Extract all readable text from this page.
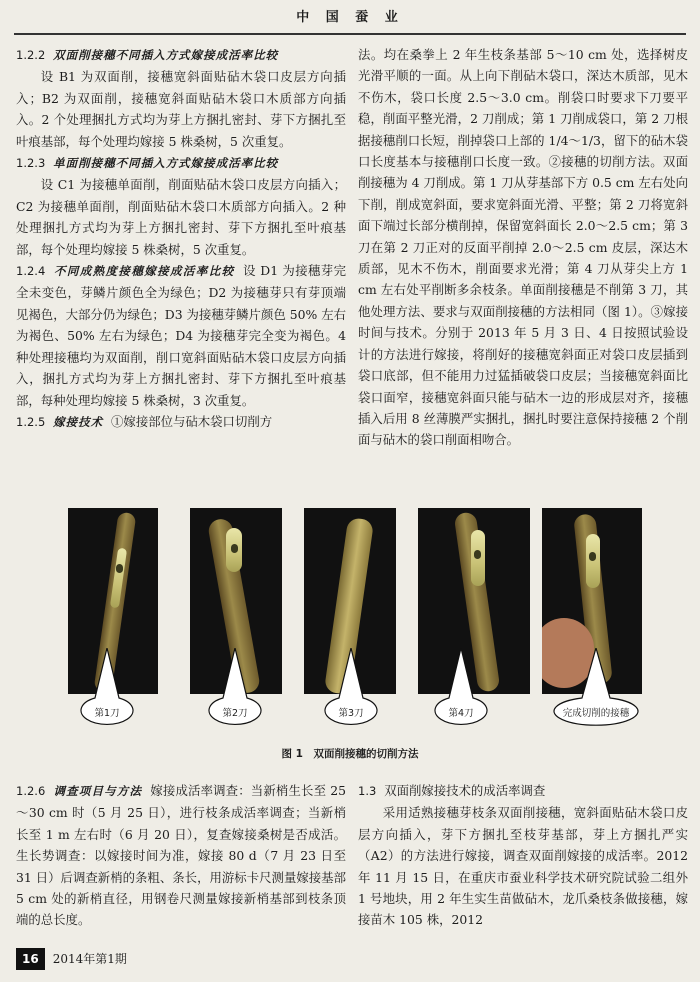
中 国 蚕 业

1.2.2 双面削接穗不同插入方式嫁接成活率比较

设 B1 为双面削，接穗宽斜面贴砧木袋口皮层方向插入；B2 为双面削，接穗宽斜面贴砧木袋口木质部方向插入。2 个处理捆扎方式均为芽上方捆扎密封、芽下方捆扎至叶痕基部，每个处理均嫁接 5 株桑树，5 次重复。

1.2.3 单面削接穗不同插入方式嫁接成活率比较

设 C1 为接穗单面削，削面贴砧木袋口皮层方向插入；C2 为接穗单面削，削面贴砧木袋口木质部方向插入。2 种处理捆扎方式均为芽上方捆扎密封、芽下方捆扎至叶痕基部，每个处理均嫁接 5 株桑树，5 次重复。

1.2.4 不同成熟度接穗嫁接成活率比较 设 D1 为接穗芽完全未变色，芽鳞片颜色全为绿色；D2 为接穗芽只有芽顶端见褐色，大部分仍为绿色；D3 为接穗芽鳞片颜色 50% 左右为褐色、50% 左右为绿色；D4 为接穗芽完全变为褐色。4 种处理接穗均为双面削，削口宽斜面贴砧木袋口皮层方向插入，捆扎方式均为芽上方捆扎密封、芽下方捆扎至叶痕基部，每种处理均嫁接 5 株桑树，3 次重复。

1.2.5 嫁接技术 ①嫁接部位与砧木袋口切削方

法。均在桑拳上 2 年生枝条基部 5～10 cm 处，选择树皮光滑平顺的一面。从上向下削砧木袋口，深达木质部，见木不伤木，袋口长度 2.5～3.0 cm。削袋口时要求下刀要平稳，削面平整光滑，2 刀削成；第 1 刀削成袋口，第 2 刀根据接穗削口长短，削掉袋口上部的 1/4～1/3，留下的砧木袋口长度基本与接穗削口长度一致。②接穗的切削方法。双面削接穗为 4 刀削成。第 1 刀从芽基部下方 0.5 cm 左右处向下削，削成宽斜面，要求宽斜面光滑、平整；第 2 刀将宽斜面下端过长部分横削掉，保留宽斜面长 2.0～2.5 cm；第 3 刀在第 2 刀正对的反面平削掉 2.0～2.5 cm 皮层，深达木质部，见木不伤木，削面要求光滑；第 4 刀从芽尖上方 1 cm 左右处平削断多余枝条。单面削接穗是不削第 3 刀，其他处理方法、要求与双面削接穗的方法相同（图 1）。③嫁接时间与技术。分别于 2013 年 5 月 3 日、4 日按照试验设计的方法进行嫁接，将削好的接穗宽斜面正对袋口皮层插到袋口底部，但不能用力过猛插破袋口皮层；当接穗宽斜面比袋口面窄，接穗宽斜面只能与砧木一边的形成层对齐，接穗插入后用 8 丝薄膜严实捆扎，捆扎时要注意保持接穗 2 个削面与砧木的袋口削面相吻合。

第1刀	第2刀	第3刀	第4刀	完成切削的接穗
图 1　双面削接穗的切削方法

1.2.6 调查项目与方法 嫁接成活率调查：当新梢生长至 25～30 cm 时（5 月 25 日），进行枝条成活率调查；当新梢长至 1 m 左右时（6 月 20 日），复查嫁接桑树是否成活。生长势调查：以嫁接时间为准，嫁接 80 d（7 月 23 日至 31 日）后调查新梢的条粗、条长，用游标卡尺测量嫁接基部 5 cm 处的新梢直径，用钢卷尺测量嫁接新梢基部到枝条顶端的总长度。

1.3 双面削嫁接技术的成活率调查

采用适熟接穗芽枝条双面削接穗，宽斜面贴砧木袋口皮层方向插入，芽下方捆扎至枝芽基部，芽上方捆扎严实（A2）的方法进行嫁接，调查双面削嫁接的成活率。2012 年 11 月 15 日，在重庆市蚕业科学技术研究院试验二组外 1 号地块，用 2 年生实生苗做砧木，龙爪桑枝条做接穗，嫁接苗木 105 株，2012

16 2014年第1期
